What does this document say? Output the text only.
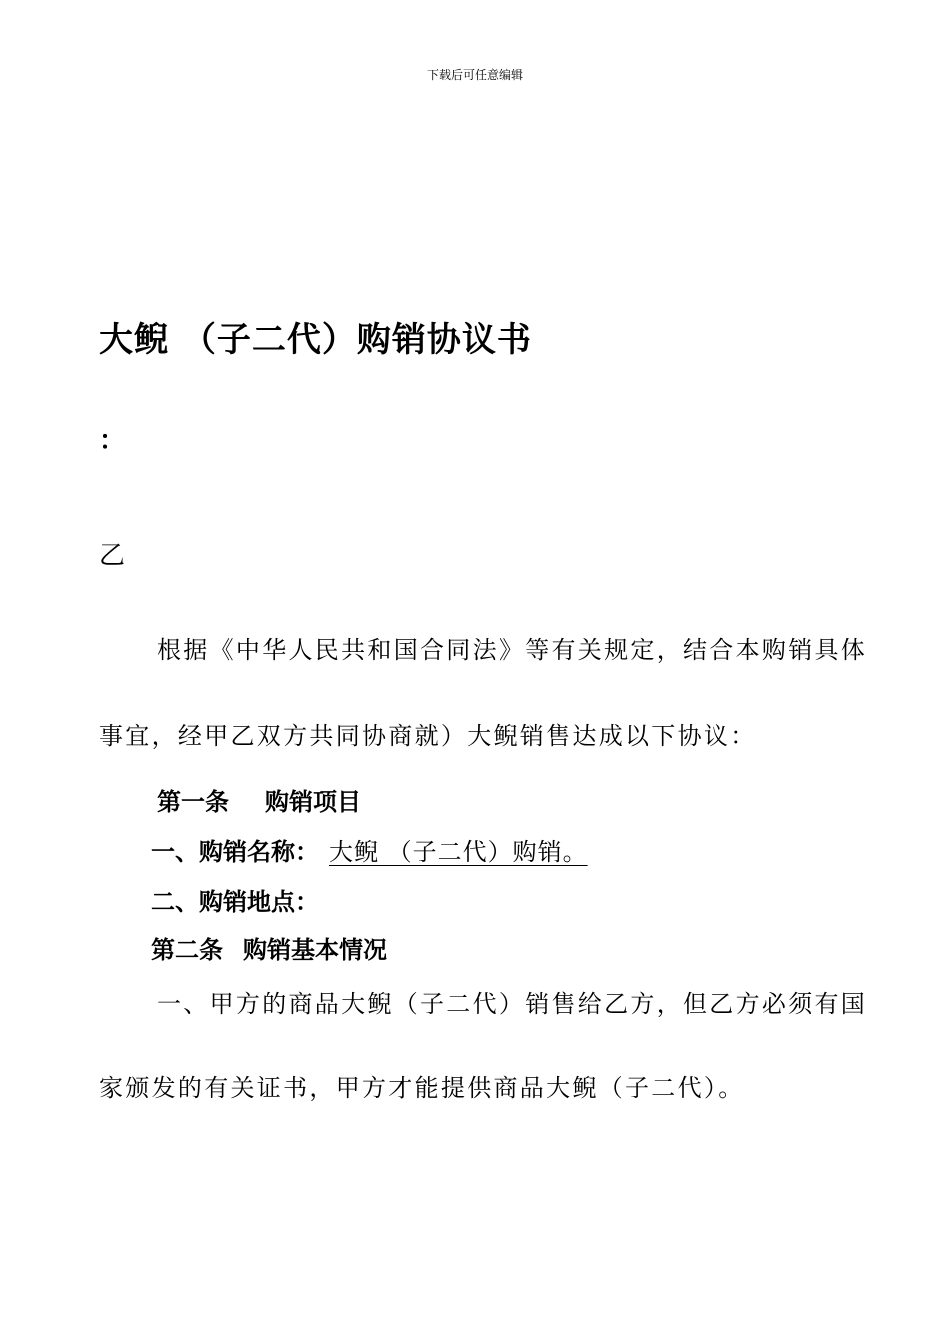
下载后可任意编辑
大鲵 （子二代）购销协议书
：
乙
根据《中华人民共和国合同法》等有关规定，结合本购销具体
事宜，经甲乙双方共同协商就）大鲵销售达成以下协议：
第一条 购销项目
一、购销名称： 大鲵 （子二代）购销。
二、购销地点：
第二条 购销基本情况
一、甲方的商品大鲵（子二代）销售给乙方，但乙方必须有国
家颁发的有关证书，甲方才能提供商品大鲵（子二代）。
